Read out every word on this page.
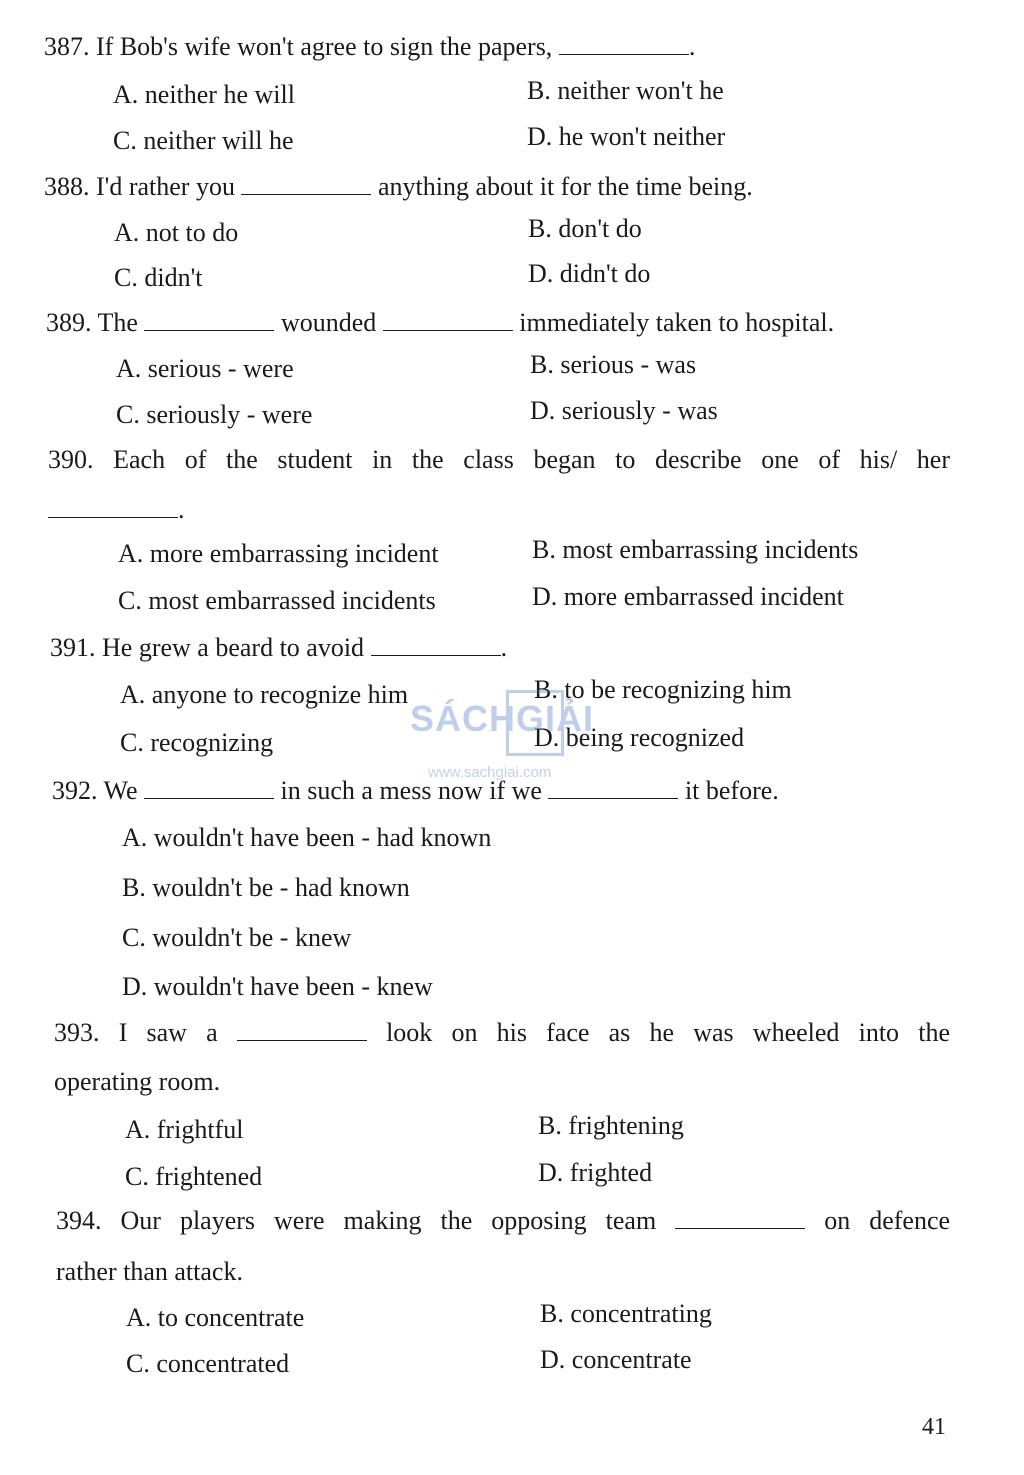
387. If Bob's wife won't agree to sign the papers,	.
A. neither he will	B. neither won't he
C. neither will he	D. he won't neither
388. I'd rather you	anything about it for the time being.
A. not to do	B. don't do
C. didn't	D. didn't do
389. The	wounded	immediately taken to hospital.
A. serious - were	B. serious - was
C. seriously - were	D. seriously - was
390. Each of the student in the class began to describe one of his/ her
.
A. more embarrassing incident	B. most embarrassing incidents
C. most embarrassed incidents	D. more embarrassed incident
391. He grew a beard to avoid	.
A. anyone to recognize him	B. to be recognizing him
C. recognizing	D. being recognized
392. We	in such a mess now if we	it before.
A. wouldn't have been - had known
B. wouldn't be - had known
C. wouldn't be - knew
D. wouldn't have been - knew
393. I saw a	look on his face as he was wheeled into the
operating room.
A. frightful	B. frightening
C. frightened	D. frighted
394. Our players were making the opposing team	on defence
rather than attack.
A. to concentrate	B. concentrating
C. concentrated	D. concentrate
SÁCHGIẢI
www.sachgiai.com
41
